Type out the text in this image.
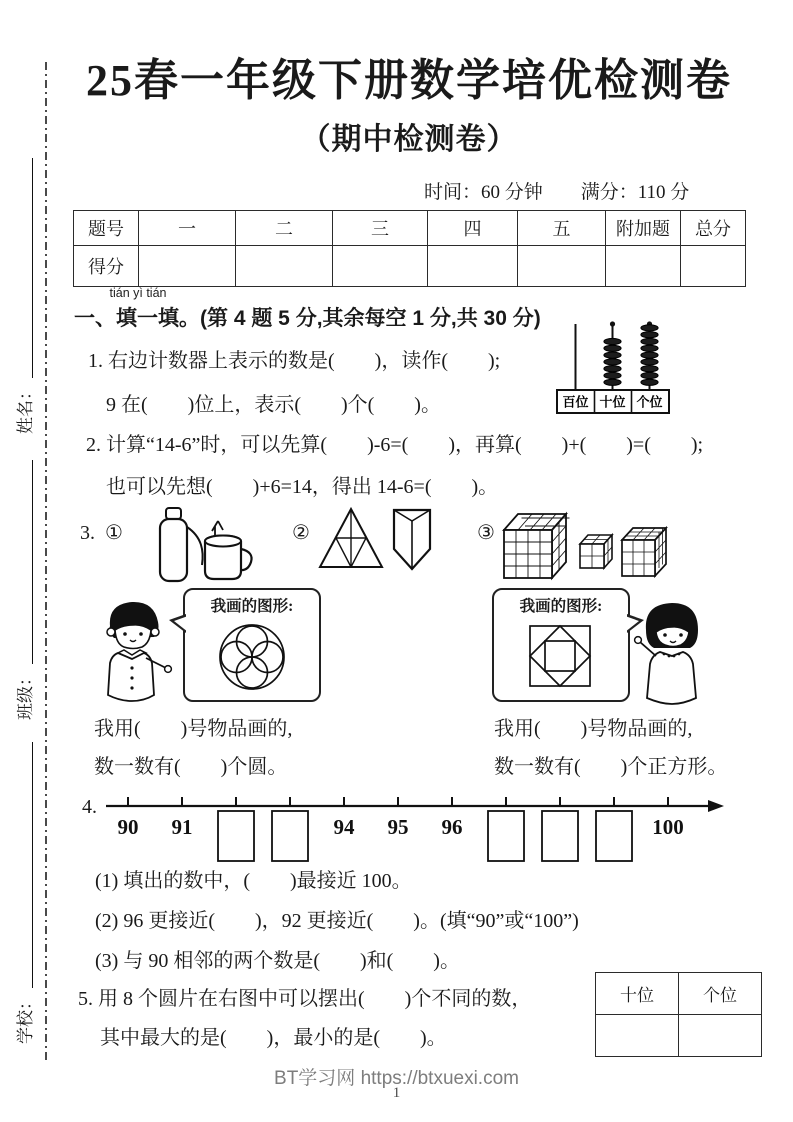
姓名：
班级：
学校：
25春一年级下册数学培优检测卷
（期中检测卷）
时间：60 分钟　　满分：110 分
题号	一	二	三	四	五	附加题	总分
得分							
tián yì tián
一、填一填。(第 4 题 5 分,其余每空 1 分,共 30 分)
1. 右边计数器上表示的数是(　　)，读作(　　);
9 在(　　)位上，表示(　　)个(　　)。	百位 十位 个位
2. 计算“14-6”时，可以先算(　　)-6=(　　)，再算(　　)+(　　)=(　　);
也可以先想(　　)+6=14，得出 14-6=(　　)。
3. ①	②	③
我画的图形:	我画的图形:
我用(　　)号物品画的,
数一数有(　　)个圆。
我用(　　)号物品画的,
数一数有(　　)个正方形。
4.
90 91	94 95 96	100
(1) 填出的数中，(　　)最接近 100。
(2) 96 更接近(　　)，92 更接近(　　)。(填“90”或“100”)
(3) 与 90 相邻的两个数是(　　)和(　　)。
5. 用 8 个圆片在右图中可以摆出(　　)个不同的数，
其中最大的是(　　)，最小的是(　　)。
十位	个位

BT学习网 https://btxuexi.com
1
